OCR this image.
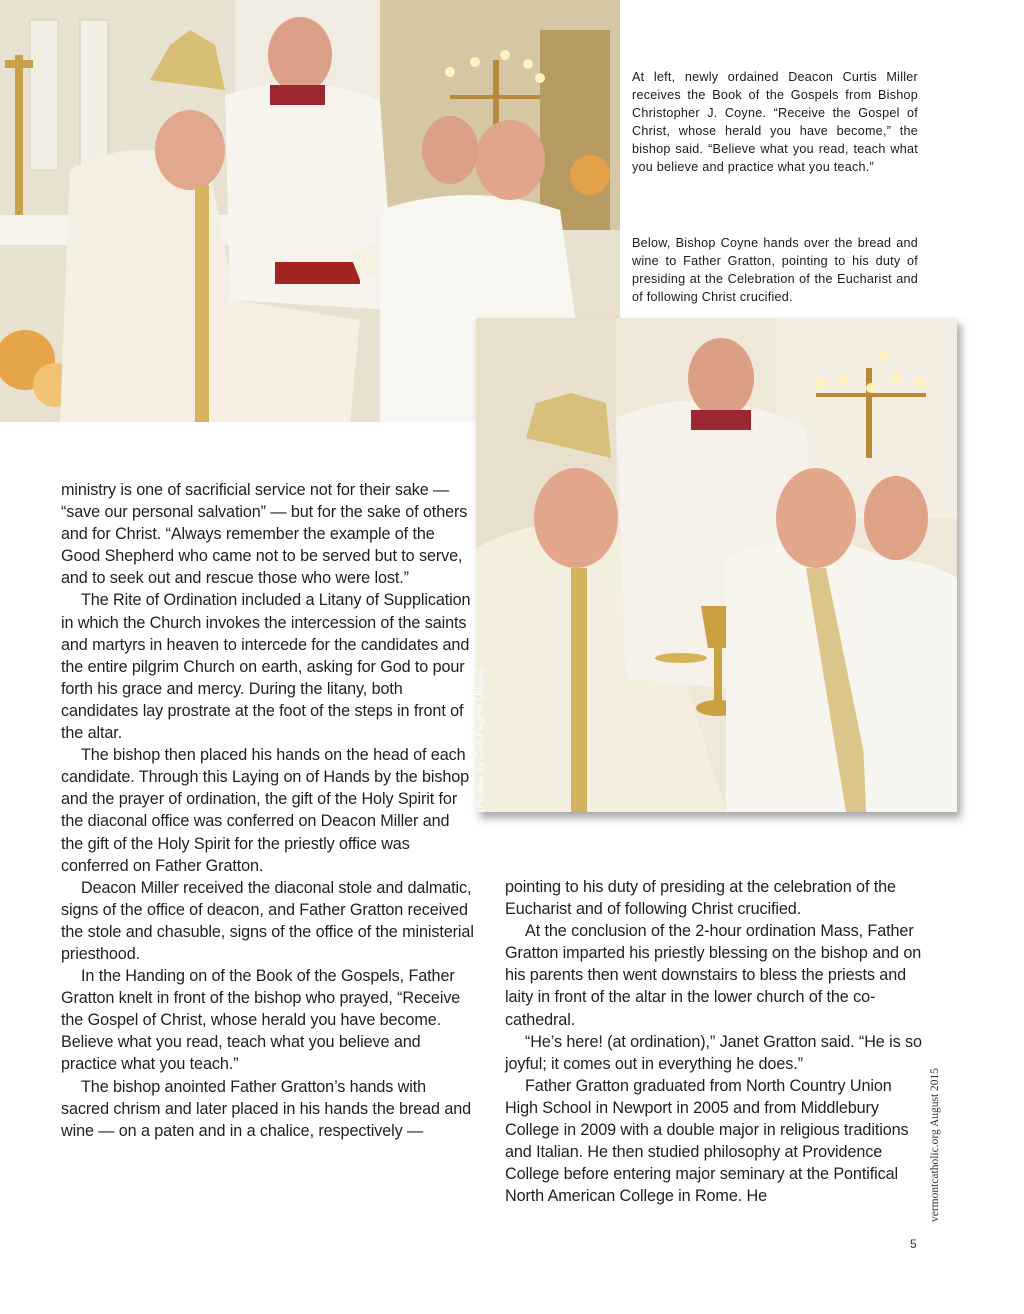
At left, newly ordained Deacon Curtis Miller receives the Book of the Gospels from Bishop Christopher J. Coyne. “Receive the Gospel of Christ, whose herald you have become,” the bishop said. “Believe what you read, teach what you believe and practice what you teach.”
Below, Bishop Coyne hands over the bread and wine to Father Gratton, pointing to his duty of presiding at the Celebration of the Eucharist and of following Christ crucified.
(Photos by Cori Fugere Urban)

ministry is one of sacrificial service not for their sake — “save our personal salvation” — but for the sake of others and for Christ. “Always remember the example of the Good Shepherd who came not to be served but to serve, and to seek out and rescue those who were lost.”

The Rite of Ordination included a Litany of Supplication in which the Church invokes the intercession of the saints and martyrs in heaven to intercede for the candidates and the entire pilgrim Church on earth, asking for God to pour forth his grace and mercy. During the litany, both candidates lay prostrate at the foot of the steps in front of the altar.

The bishop then placed his hands on the head of each candidate. Through this Laying on of Hands by the bishop and the prayer of ordination, the gift of the Holy Spirit for the diaconal office was conferred on Deacon Miller and the gift of the Holy Spirit for the priestly office was conferred on Father Gratton.

Deacon Miller received the diaconal stole and dalmatic, signs of the office of deacon, and Father Gratton received the stole and chasuble, signs of the office of the ministerial priesthood.

In the Handing on of the Book of the Gospels, Father Gratton knelt in front of the bishop who prayed, “Receive the Gospel of Christ, whose herald you have become. Believe what you read, teach what you believe and practice what you teach.”

The bishop anointed Father Gratton’s hands with sacred chrism and later placed in his hands the bread and wine — on a paten and in a chalice, respectively —

pointing to his duty of presiding at the celebration of the Eucharist and of following Christ crucified.

At the conclusion of the 2-hour ordination Mass, Father Gratton imparted his priestly blessing on the bishop and on his parents then went downstairs to bless the priests and laity in front of the altar in the lower church of the co-cathedral.

“He’s here! (at ordination),” Janet Gratton said. “He is so joyful; it comes out in everything he does.”

Father Gratton graduated from North Country Union High School in Newport in 2005 and from Middlebury College in 2009 with a double major in religious traditions and Italian. He then studied philosophy at Providence College before entering major seminary at the Pontifical North American College in Rome. He	vermontcatholic.org August 2015
5
